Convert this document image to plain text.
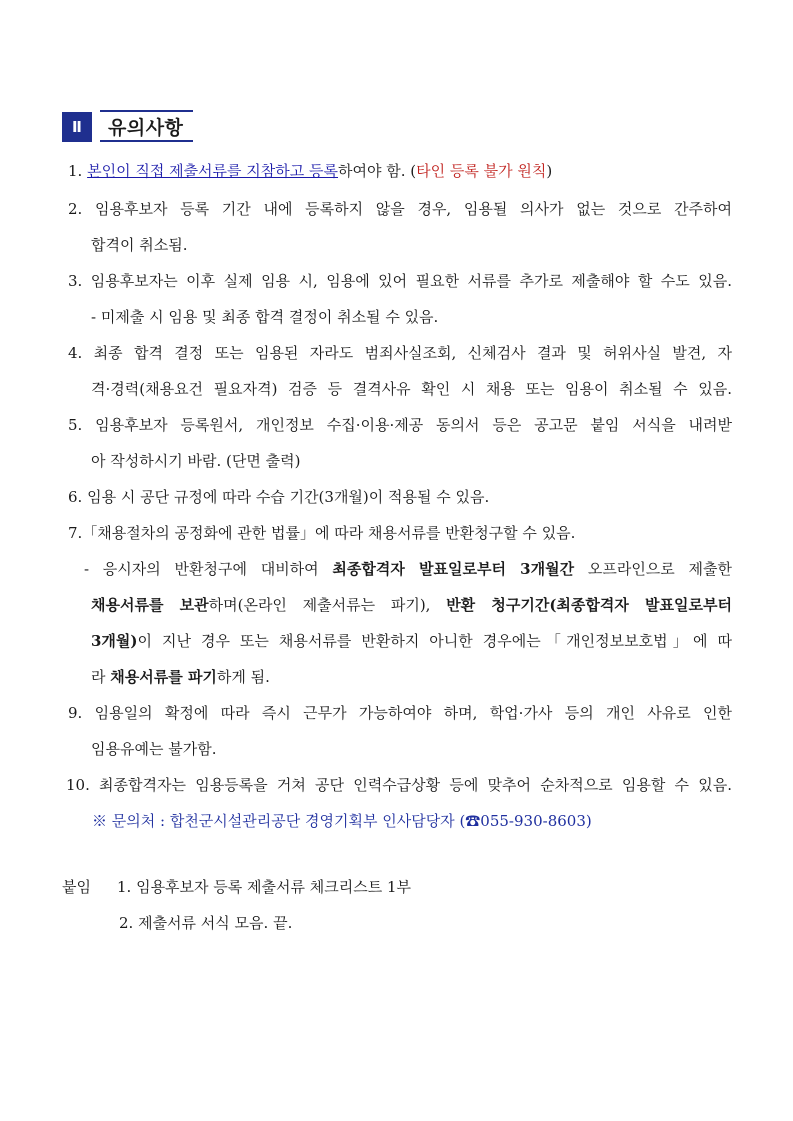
Ⅱ	유의사항
1. 본인이 직접 제출서류를 지참하고 등록하여야 함. (타인 등록 불가 원칙)
2. 임용후보자 등록 기간 내에 등록하지 않을 경우, 임용될 의사가 없는 것으로 간주하여
합격이 취소됨.
3. 임용후보자는 이후 실제 임용 시, 임용에 있어 필요한 서류를 추가로 제출해야 할 수도 있음.
- 미제출 시 임용 및 최종 합격 결정이 취소될 수 있음.
4. 최종 합격 결정 또는 임용된 자라도 범죄사실조회, 신체검사 결과 및 허위사실 발견, 자
격·경력(채용요건 필요자격) 검증 등 결격사유 확인 시 채용 또는 임용이 취소될 수 있음.
5. 임용후보자 등록원서, 개인정보 수집·이용·제공 동의서 등은 공고문 붙임 서식을 내려받
아 작성하시기 바람. (단면 출력)
6. 임용 시 공단 규정에 따라 수습 기간(3개월)이 적용될 수 있음.
7.「채용절차의 공정화에 관한 법률」에 따라 채용서류를 반환청구할 수 있음.
- 응시자의 반환청구에 대비하여 최종합격자 발표일로부터 3개월간 오프라인으로 제출한
채용서류를 보관하며(온라인 제출서류는 파기), 반환 청구기간(최종합격자 발표일로부터
3개월)이 지난 경우 또는 채용서류를 반환하지 아니한 경우에는「개인정보보호법」에 따
라 채용서류를 파기하게 됨.
9. 임용일의 확정에 따라 즉시 근무가 가능하여야 하며, 학업·가사 등의 개인 사유로 인한
임용유예는 불가함.
10. 최종합격자는 임용등록을 거쳐 공단 인력수급상황 등에 맞추어 순차적으로 임용할 수 있음.
※ 문의처 : 합천군시설관리공단 경영기획부 인사담당자 (☎055-930-8603)
붙임 1. 임용후보자 등록 제출서류 체크리스트 1부
2. 제출서류 서식 모음. 끝.
